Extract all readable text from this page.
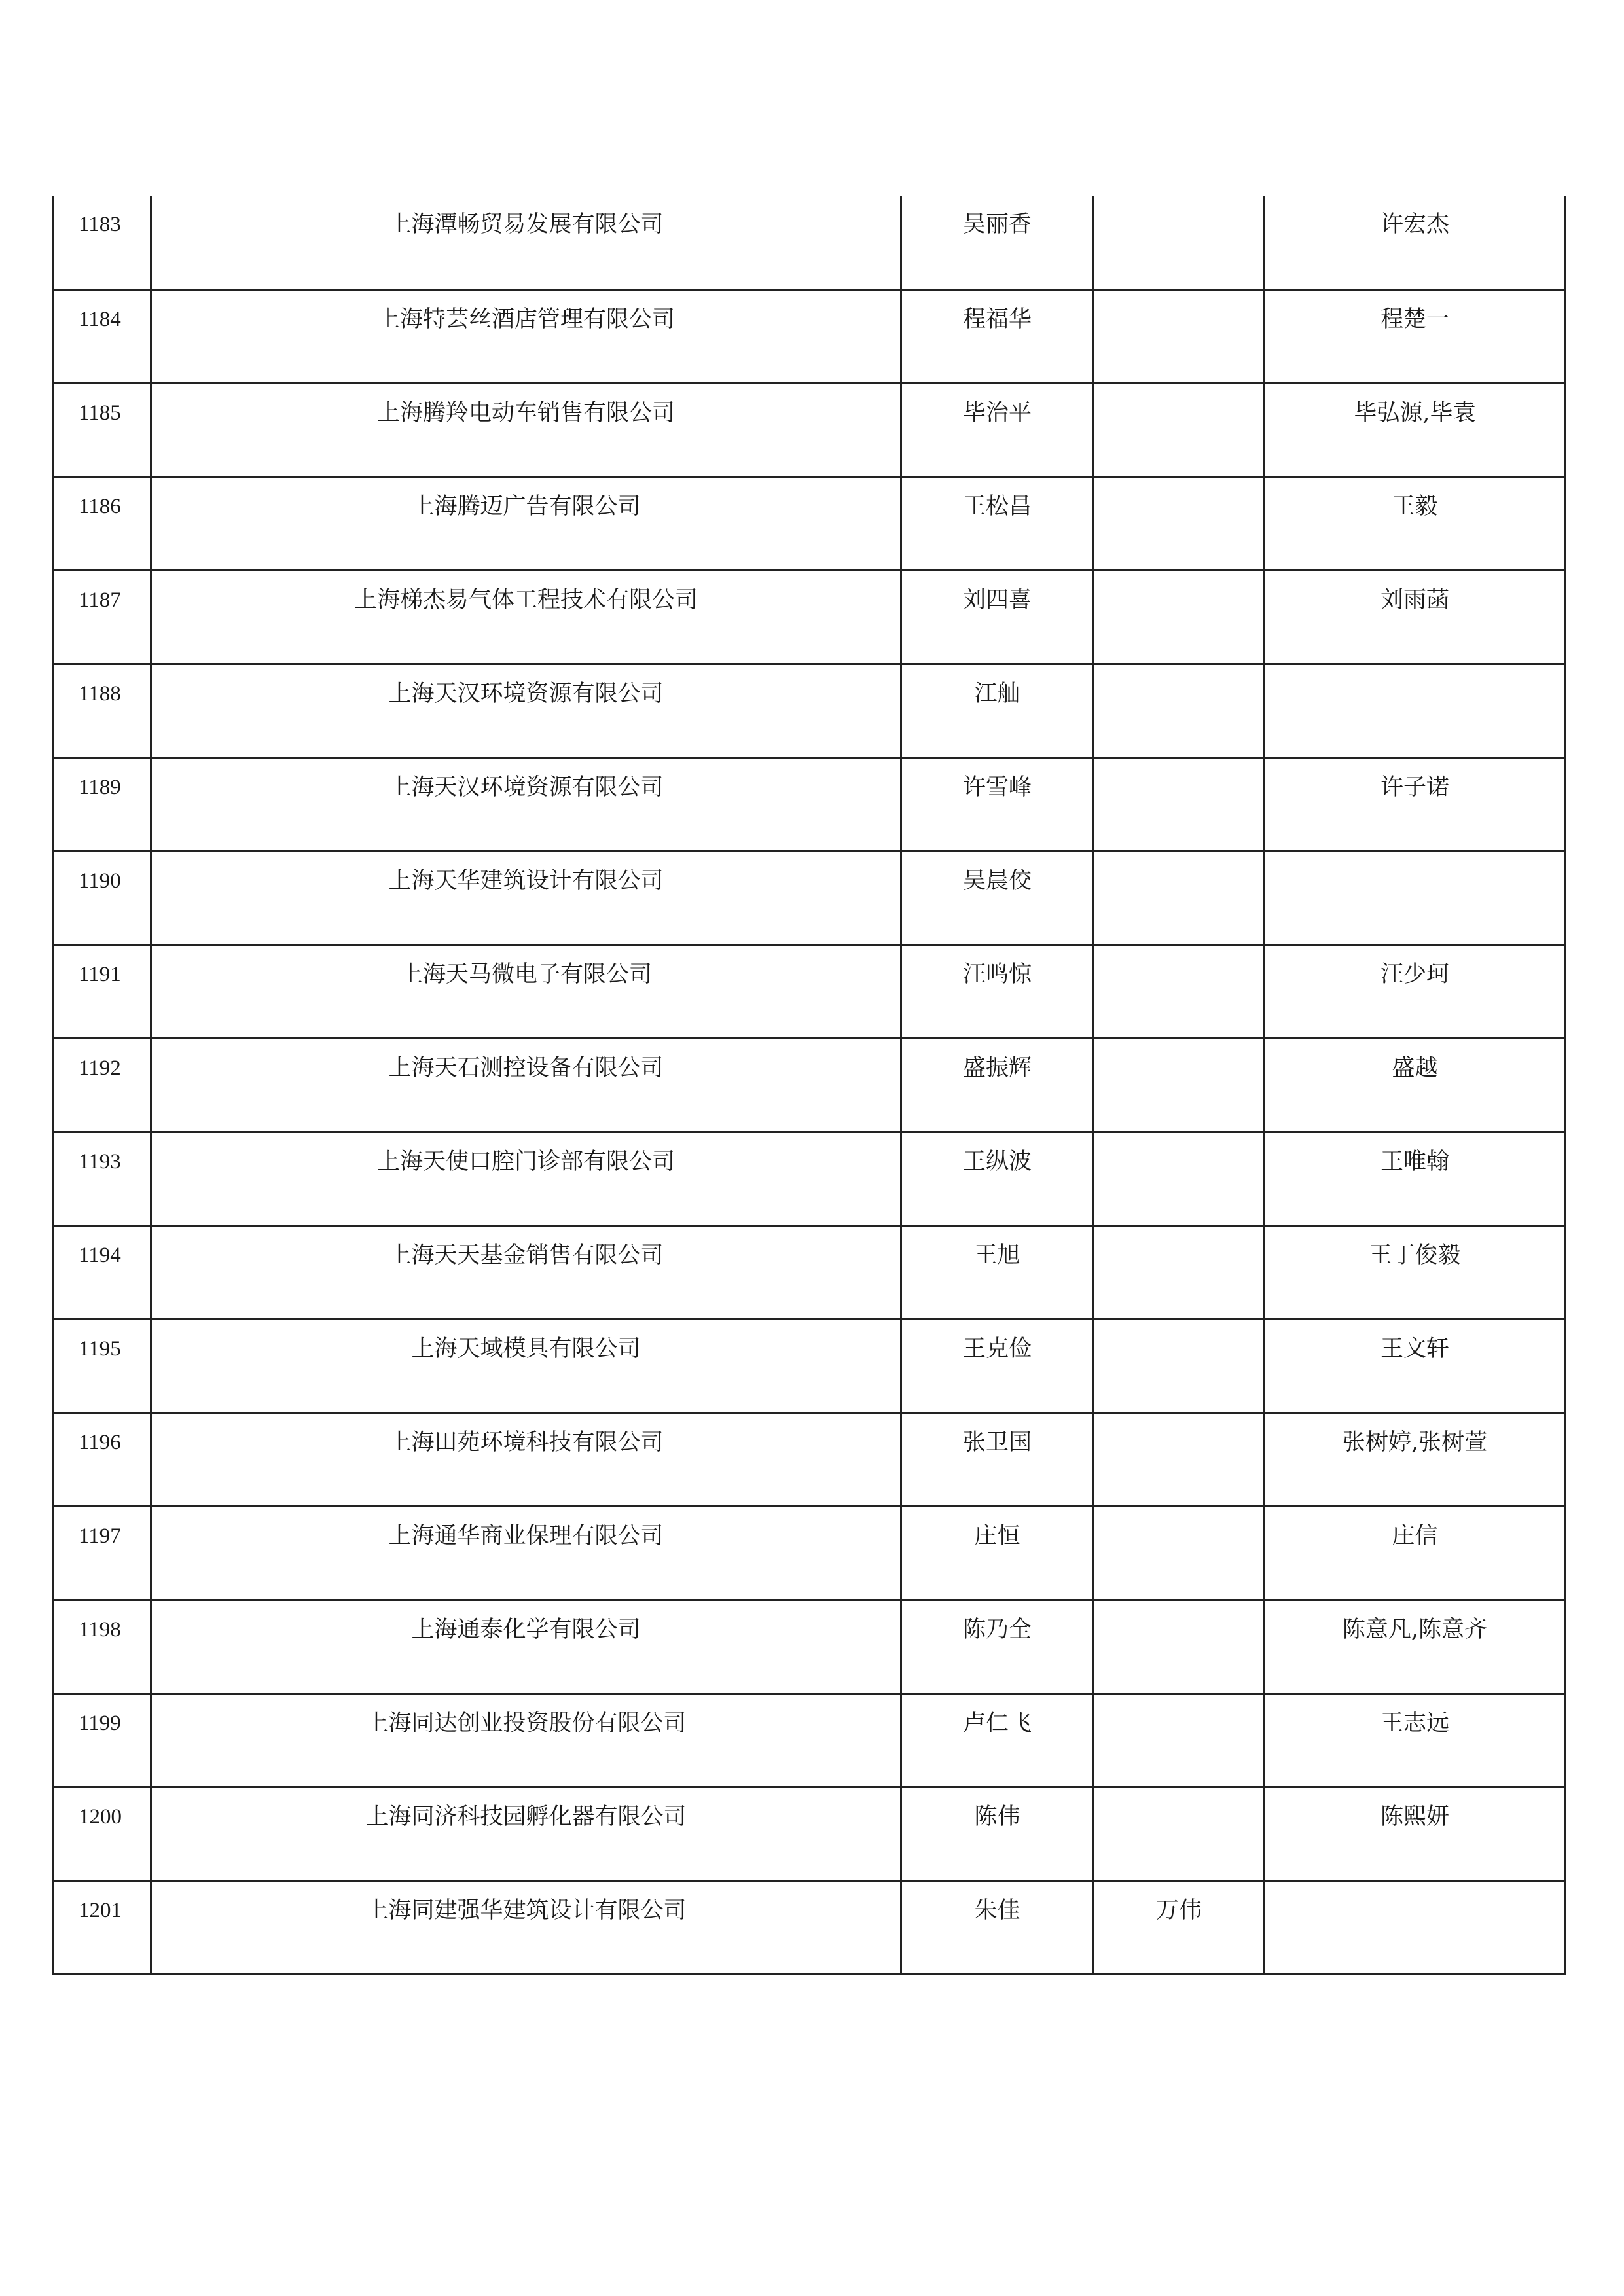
1183	上海潭畅贸易发展有限公司	吴丽香		许宏杰

1184	上海特芸丝酒店管理有限公司	程福华		程楚一

1185	上海腾羚电动车销售有限公司	毕治平		毕弘源,毕袁

1186	上海腾迈广告有限公司	王松昌		王毅

1187	上海梯杰易气体工程技术有限公司	刘四喜		刘雨菡

1188	上海天汉环境资源有限公司	江舢		

1189	上海天汉环境资源有限公司	许雪峰		许子诺

1190	上海天华建筑设计有限公司	吴晨佼		

1191	上海天马微电子有限公司	汪鸣惊		汪少珂

1192	上海天石测控设备有限公司	盛振辉		盛越

1193	上海天使口腔门诊部有限公司	王纵波		王唯翰

1194	上海天天基金销售有限公司	王旭		王丁俊毅

1195	上海天域模具有限公司	王克俭		王文轩

1196	上海田苑环境科技有限公司	张卫国		张树婷,张树萱

1197	上海通华商业保理有限公司	庄恒		庄信

1198	上海通泰化学有限公司	陈乃全		陈意凡,陈意齐

1199	上海同达创业投资股份有限公司	卢仁飞		王志远

1200	上海同济科技园孵化器有限公司	陈伟		陈熙妍

1201	上海同建强华建筑设计有限公司	朱佳	万伟	
